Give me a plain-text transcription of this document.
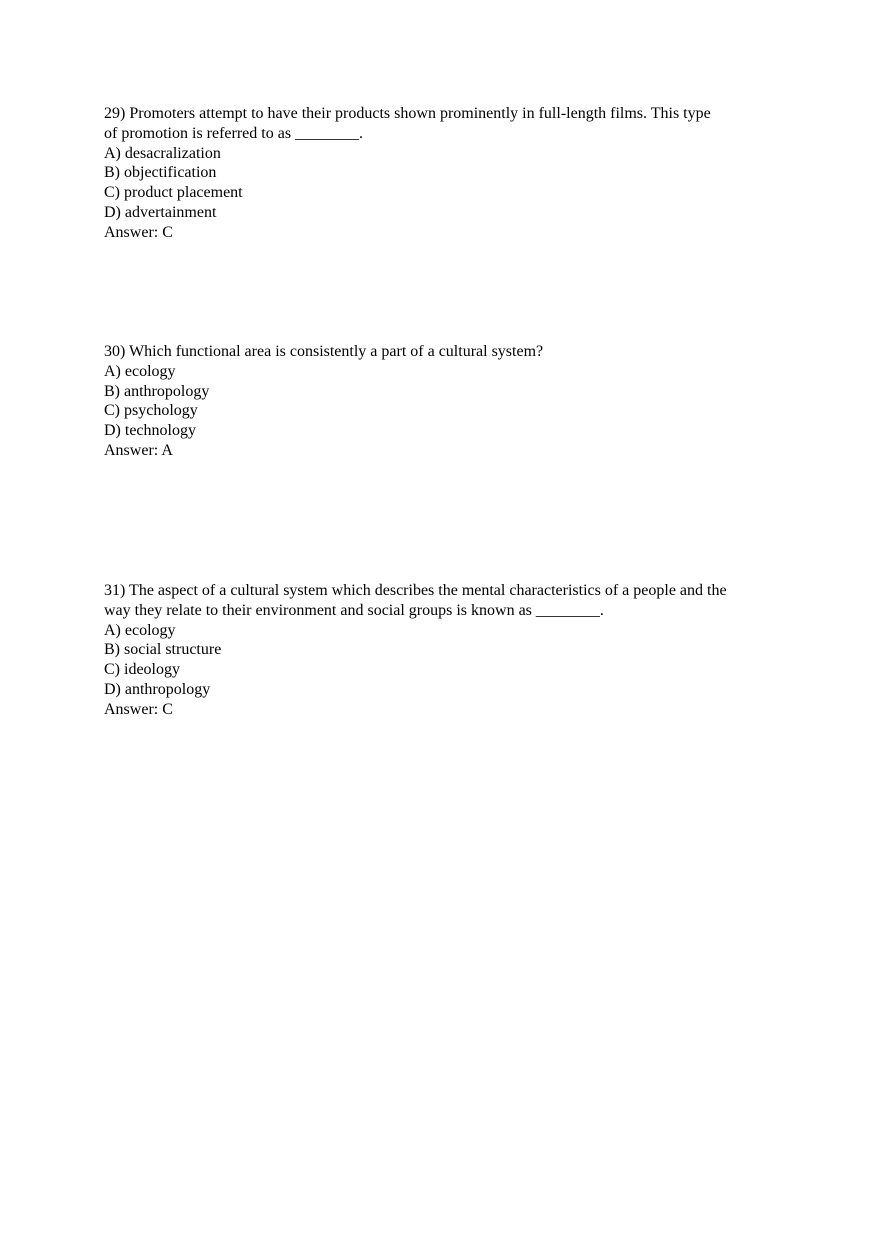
29) Promoters attempt to have their products shown prominently in full-length films. This type
of promotion is referred to as ________.
A) desacralization
B) objectification
C) product placement
D) advertainment
Answer: C
30) Which functional area is consistently a part of a cultural system?
A) ecology
B) anthropology
C) psychology
D) technology
Answer: A
31) The aspect of a cultural system which describes the mental characteristics of a people and the
way they relate to their environment and social groups is known as ________.
A) ecology
B) social structure
C) ideology
D) anthropology
Answer: C
